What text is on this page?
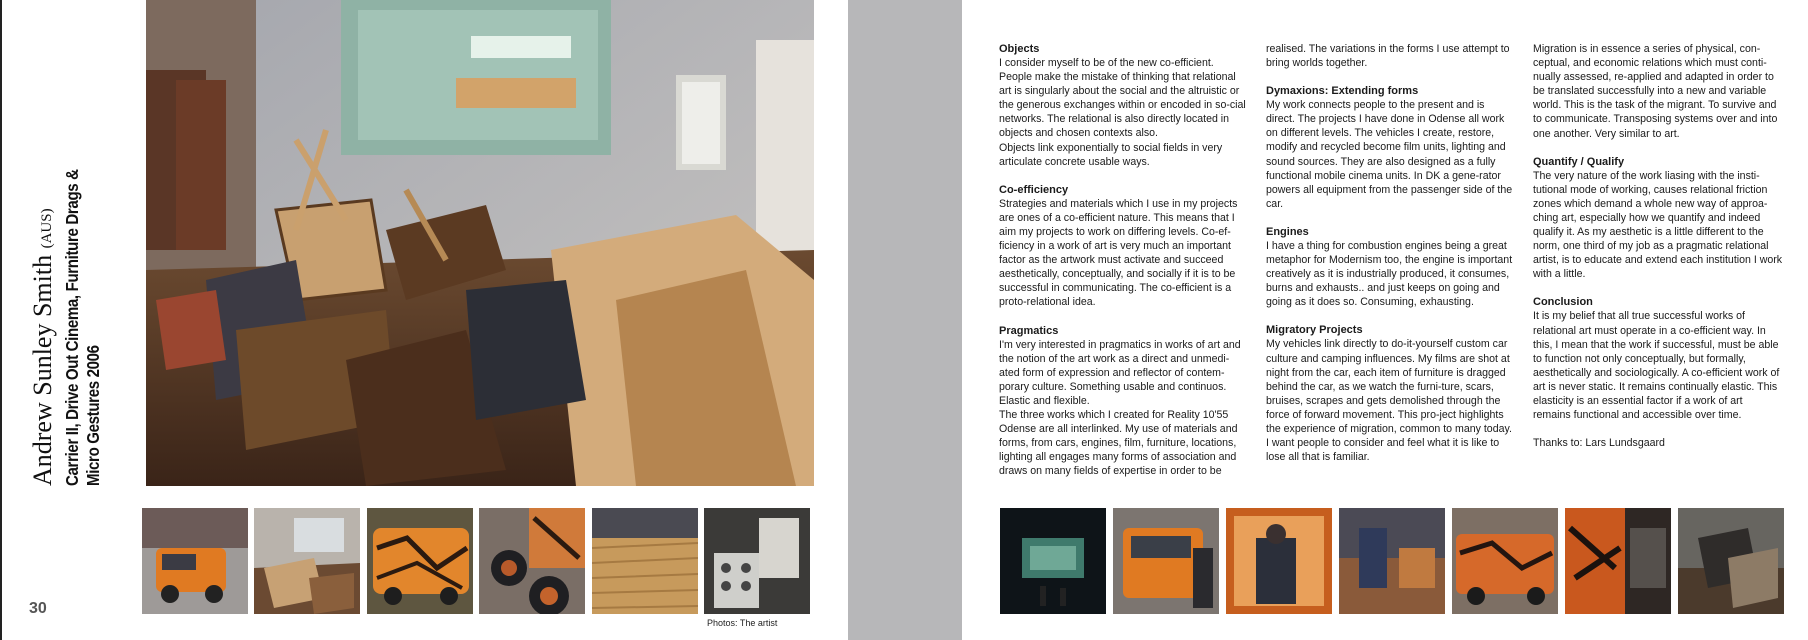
Andrew Sunley Smith (AUS) Carrier II, Drive Out Cinema, Furniture Drags & Micro Gestures 2006
30
Photos: The artist
Objects

I consider myself to be of the new co-efficient. People make the mistake of thinking that relational art is singularly about the social and the altruistic or the generous exchanges within or encoded in so-cial networks. The relational is also directly located in objects and chosen contexts also.
Objects link exponentially to social fields in very articulate concrete usable ways.

Co-efficiency

Strategies and materials which I use in my projects are ones of a co-efficient nature. This means that I aim my projects to work on differing levels. Co-ef-ficiency in a work of art is very much an important factor as the artwork must activate and succeed aesthetically, conceptually, and socially if it is to be successful in communicating. The co-efficient is a proto-relational idea.

Pragmatics

I'm very interested in pragmatics in works of art and the notion of the art work as a direct and unmedi-ated form of expression and reflector of contem-porary culture. Something usable and continuos. Elastic and flexible.
The three works which I created for Reality 10'55 Odense are all interlinked. My use of materials and forms, from cars, engines, film, furniture, locations, lighting all engages many forms of association and draws on many fields of expertise in order to be

realised. The variations in the forms I use attempt to bring worlds together.

Dymaxions: Extending forms

My work connects people to the present and is direct. The projects I have done in Odense all work on different levels. The vehicles I create, restore, modify and recycled become film units, lighting and sound sources. They are also designed as a fully functional mobile cinema units. In DK a gene-rator powers all equipment from the passenger side of the car.

Engines

I have a thing for combustion engines being a great metaphor for Modernism too, the engine is important creatively as it is industrially produced, it consumes, burns and exhausts.. and just keeps on going and going as it does so. Consuming, exhausting.

Migratory Projects

My vehicles link directly to do-it-yourself custom car culture and camping influences. My films are shot at night from the car, each item of furniture is dragged behind the car, as we watch the furni-ture, scars, bruises, scrapes and gets demolished through the force of forward movement. This pro-ject highlights the experience of migration, common to many today. I want people to consider and feel what it is like to lose all that is familiar.

Migration is in essence a series of physical, con-ceptual, and economic relations which must conti-nually assessed, re-applied and adapted in order to be translated successfully into a new and variable world. This is the task of the migrant. To survive and to communicate. Transposing systems over and into one another. Very similar to art.

Quantify / Qualify

The very nature of the work liasing with the insti-tutional mode of working, causes relational friction zones which demand a whole new way of approa-ching art, especially how we quantify and indeed qualify it. As my aesthetic is a little different to the norm, one third of my job as a pragmatic relational artist, is to educate and extend each institution I work with a little.

Conclusion

It is my belief that all true successful works of relational art must operate in a co-efficient way. In this, I mean that the work if successful, must be able to function not only conceptually, but formally, aesthetically and sociologically. A co-efficient work of art is never static. It remains continually elastic. This elasticity is an essential factor if a work of art remains functional and accessible over time.

Thanks to: Lars Lundsgaard
